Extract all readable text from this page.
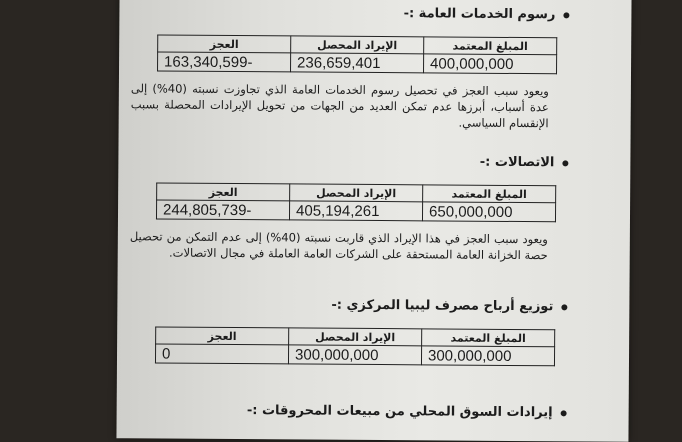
رسوم الخدمات العامة :-
المبلغ المعتمد	الإيراد المحصل	العجز
400,000,000	236,659,401	163,340,599-
ويعود سبب العجز في تحصيل رسوم الخدمات العامة الذي تجاوزت نسبته (40%) إلى عدة أسباب، أبرزها عدم تمكن العديد من الجهات من تحويل الإيرادات المحصلة بسبب الإنقسام السياسي.
الاتصالات :-
المبلغ المعتمد	الإيراد المحصل	العجز
650,000,000	405,194,261	244,805,739-
ويعود سبب العجز في هذا الإيراد الذي قاربت نسبته (40%) إلى عدم التمكن من تحصيل حصة الخزانة العامة المستحقة على الشركات العامة العاملة في مجال الاتصالات.
توزيع أرباح مصرف ليبيا المركزي :-
المبلغ المعتمد	الإيراد المحصل	العجز
300,000,000	300,000,000	0
إيرادات السوق المحلي من مبيعات المحروقات :-
